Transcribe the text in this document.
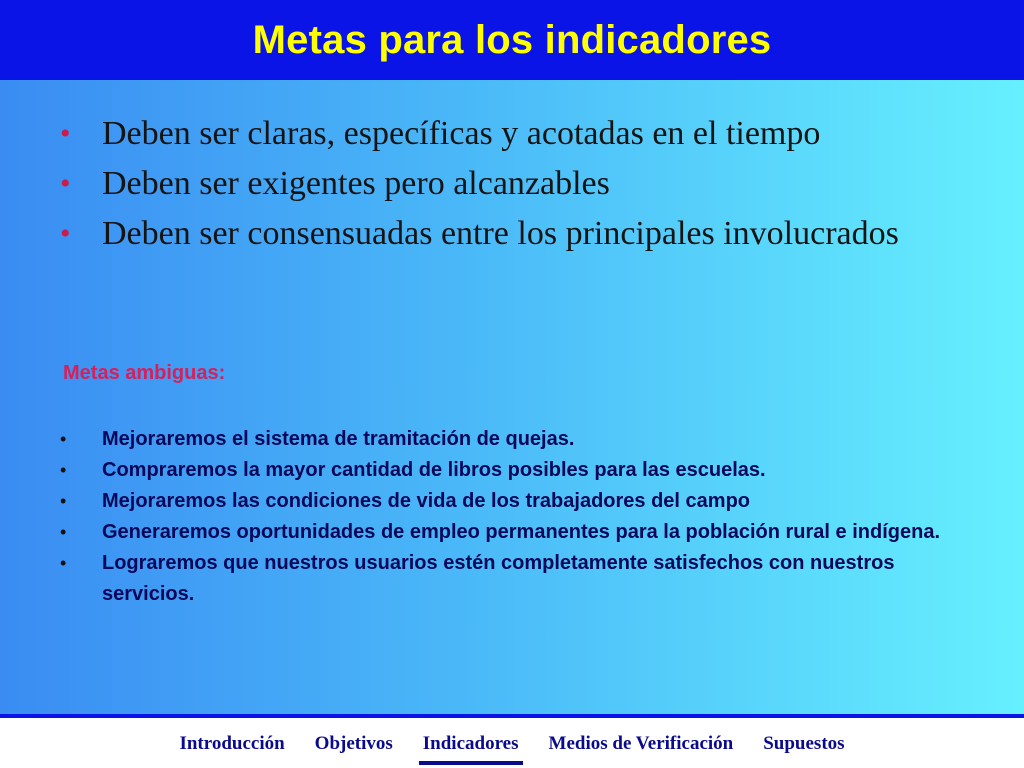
Metas para los indicadores
• Deben ser claras, específicas y acotadas en el tiempo
• Deben ser exigentes pero alcanzables
• Deben ser consensuadas entre los principales involucrados
Metas ambiguas:
• Mejoraremos el sistema de tramitación de quejas.
• Compraremos la mayor cantidad de libros posibles para las escuelas.
• Mejoraremos las condiciones de vida de los trabajadores del campo
• Generaremos oportunidades de empleo permanentes para la población rural e indígena.
• Lograremos que nuestros usuarios estén completamente satisfechos con nuestros servicios.
Introducción Objetivos Indicadores Medios de Verificación Supuestos
